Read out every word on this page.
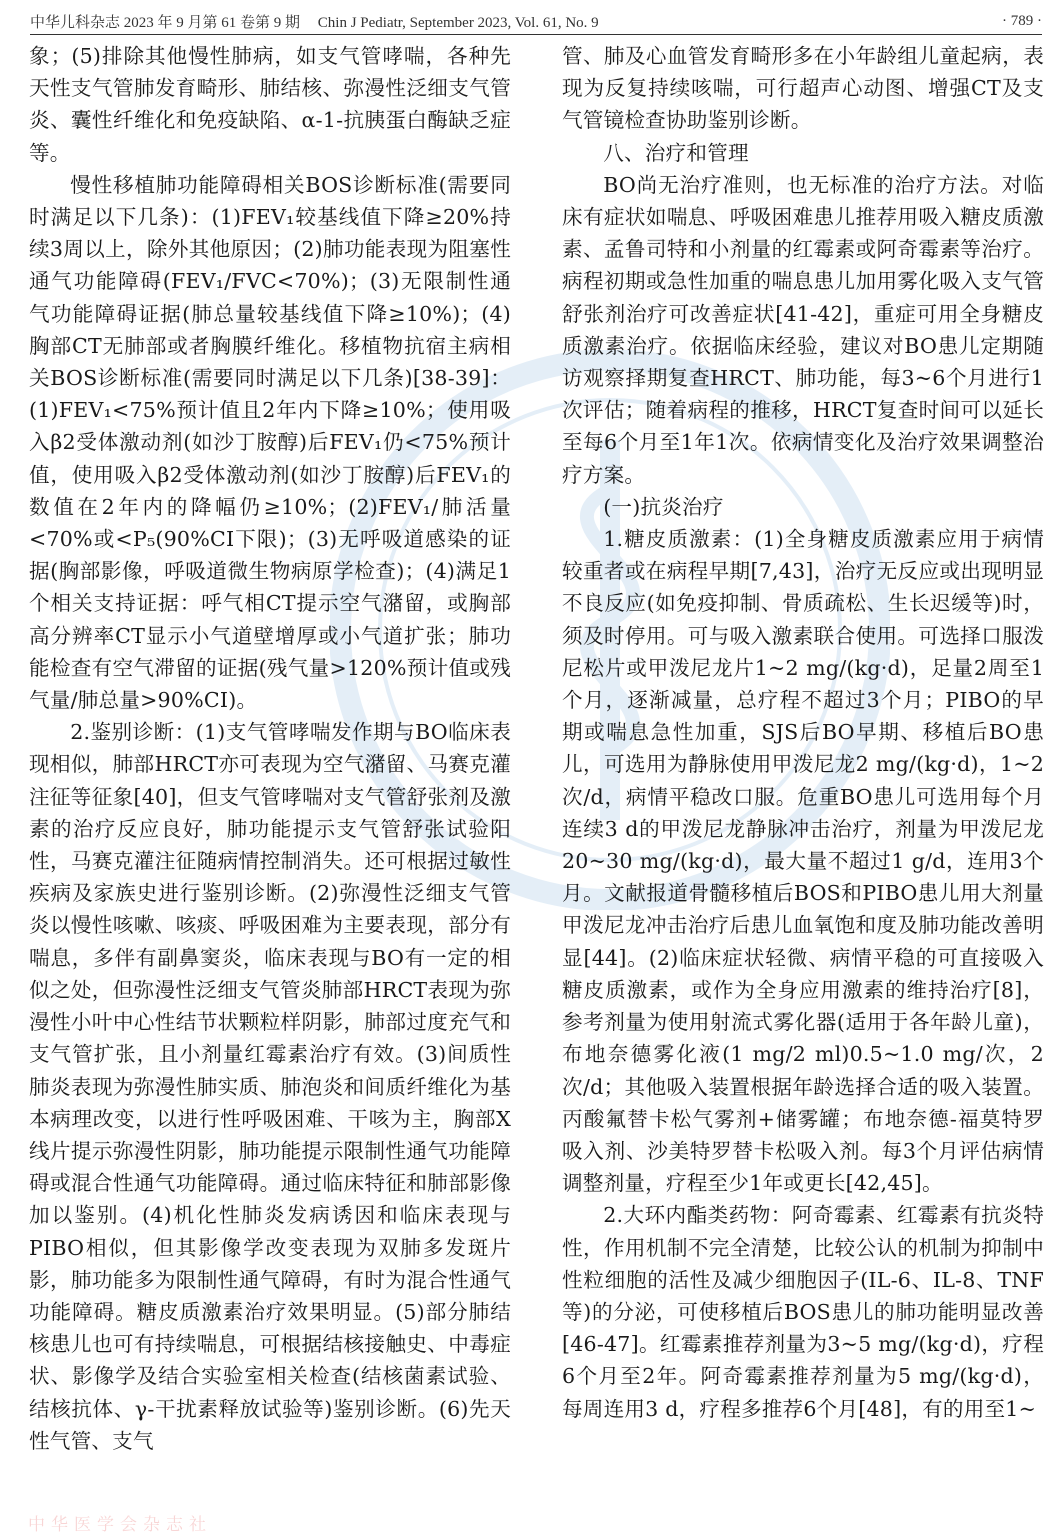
中华儿科杂志 2023 年 9 月第 61 卷第 9 期 Chin J Pediatr, September 2023, Vol. 61, No. 9	· 789 ·

象；(5)排除其他慢性肺病，如支气管哮喘，各种先天性支气管肺发育畸形、肺结核、弥漫性泛细支气管炎、囊性纤维化和免疫缺陷、α-1-抗胰蛋白酶缺乏症等。

慢性移植肺功能障碍相关BOS诊断标准(需要同时满足以下几条)：(1)FEV₁较基线值下降≥20%持续3周以上，除外其他原因；(2)肺功能表现为阻塞性通气功能障碍(FEV₁/FVC<70%)；(3)无限制性通气功能障碍证据(肺总量较基线值下降≥10%)；(4)胸部CT无肺部或者胸膜纤维化。移植物抗宿主病相关BOS诊断标准(需要同时满足以下几条)[38-39]：(1)FEV₁<75%预计值且2年内下降≥10%；使用吸入β2受体激动剂(如沙丁胺醇)后FEV₁仍<75%预计值，使用吸入β2受体激动剂(如沙丁胺醇)后FEV₁的数值在2年内的降幅仍≥10%；(2)FEV₁/肺活量<70%或<P₅(90%CI下限)；(3)无呼吸道感染的证据(胸部影像，呼吸道微生物病原学检查)；(4)满足1个相关支持证据：呼气相CT提示空气潴留，或胸部高分辨率CT显示小气道壁增厚或小气道扩张；肺功能检查有空气滞留的证据(残气量>120%预计值或残气量/肺总量>90%CI)。

2.鉴别诊断：(1)支气管哮喘发作期与BO临床表现相似，肺部HRCT亦可表现为空气潴留、马赛克灌注征等征象[40]，但支气管哮喘对支气管舒张剂及激素的治疗反应良好，肺功能提示支气管舒张试验阳性，马赛克灌注征随病情控制消失。还可根据过敏性疾病及家族史进行鉴别诊断。(2)弥漫性泛细支气管炎以慢性咳嗽、咳痰、呼吸困难为主要表现，部分有喘息，多伴有副鼻窦炎，临床表现与BO有一定的相似之处，但弥漫性泛细支气管炎肺部HRCT表现为弥漫性小叶中心性结节状颗粒样阴影，肺部过度充气和支气管扩张，且小剂量红霉素治疗有效。(3)间质性肺炎表现为弥漫性肺实质、肺泡炎和间质纤维化为基本病理改变，以进行性呼吸困难、干咳为主，胸部X线片提示弥漫性阴影，肺功能提示限制性通气功能障碍或混合性通气功能障碍。通过临床特征和肺部影像加以鉴别。(4)机化性肺炎发病诱因和临床表现与PIBO相似，但其影像学改变表现为双肺多发斑片影，肺功能多为限制性通气障碍，有时为混合性通气功能障碍。糖皮质激素治疗效果明显。(5)部分肺结核患儿也可有持续喘息，可根据结核接触史、中毒症状、影像学及结合实验室相关检查(结核菌素试验、结核抗体、γ-干扰素释放试验等)鉴别诊断。(6)先天性气管、支气

管、肺及心血管发育畸形多在小年龄组儿童起病，表现为反复持续咳喘，可行超声心动图、增强CT及支气管镜检查协助鉴别诊断。

八、治疗和管理

BO尚无治疗准则，也无标准的治疗方法。对临床有症状如喘息、呼吸困难患儿推荐用吸入糖皮质激素、孟鲁司特和小剂量的红霉素或阿奇霉素等治疗。病程初期或急性加重的喘息患儿加用雾化吸入支气管舒张剂治疗可改善症状[41-42]，重症可用全身糖皮质激素治疗。依据临床经验，建议对BO患儿定期随访观察择期复查HRCT、肺功能，每3~6个月进行1次评估；随着病程的推移，HRCT复查时间可以延长至每6个月至1年1次。依病情变化及治疗效果调整治疗方案。

(一)抗炎治疗

1.糖皮质激素：(1)全身糖皮质激素应用于病情较重者或在病程早期[7,43]，治疗无反应或出现明显不良反应(如免疫抑制、骨质疏松、生长迟缓等)时，须及时停用。可与吸入激素联合使用。可选择口服泼尼松片或甲泼尼龙片1~2 mg/(kg·d)，足量2周至1个月，逐渐减量，总疗程不超过3个月；PIBO的早期或喘息急性加重，SJS后BO早期、移植后BO患儿，可选用为静脉使用甲泼尼龙2 mg/(kg·d)，1~2次/d，病情平稳改口服。危重BO患儿可选用每个月连续3 d的甲泼尼龙静脉冲击治疗，剂量为甲泼尼龙20~30 mg/(kg·d)，最大量不超过1 g/d，连用3个月。文献报道骨髓移植后BOS和PIBO患儿用大剂量甲泼尼龙冲击治疗后患儿血氧饱和度及肺功能改善明显[44]。(2)临床症状轻微、病情平稳的可直接吸入糖皮质激素，或作为全身应用激素的维持治疗[8]，参考剂量为使用射流式雾化器(适用于各年龄儿童)，布地奈德雾化液(1 mg/2 ml)0.5~1.0 mg/次，2次/d；其他吸入装置根据年龄选择合适的吸入装置。丙酸氟替卡松气雾剂+储雾罐；布地奈德-福莫特罗吸入剂、沙美特罗替卡松吸入剂。每3个月评估病情调整剂量，疗程至少1年或更长[42,45]。

2.大环内酯类药物：阿奇霉素、红霉素有抗炎特性，作用机制不完全清楚，比较公认的机制为抑制中性粒细胞的活性及减少细胞因子(IL-6、IL-8、TNF等)的分泌，可使移植后BOS患儿的肺功能明显改善[46-47]。红霉素推荐剂量为3~5 mg/(kg·d)，疗程6个月至2年。阿奇霉素推荐剂量为5 mg/(kg·d)，每周连用3 d，疗程多推荐6个月[48]，有的用至1~

中华医学会杂志社
